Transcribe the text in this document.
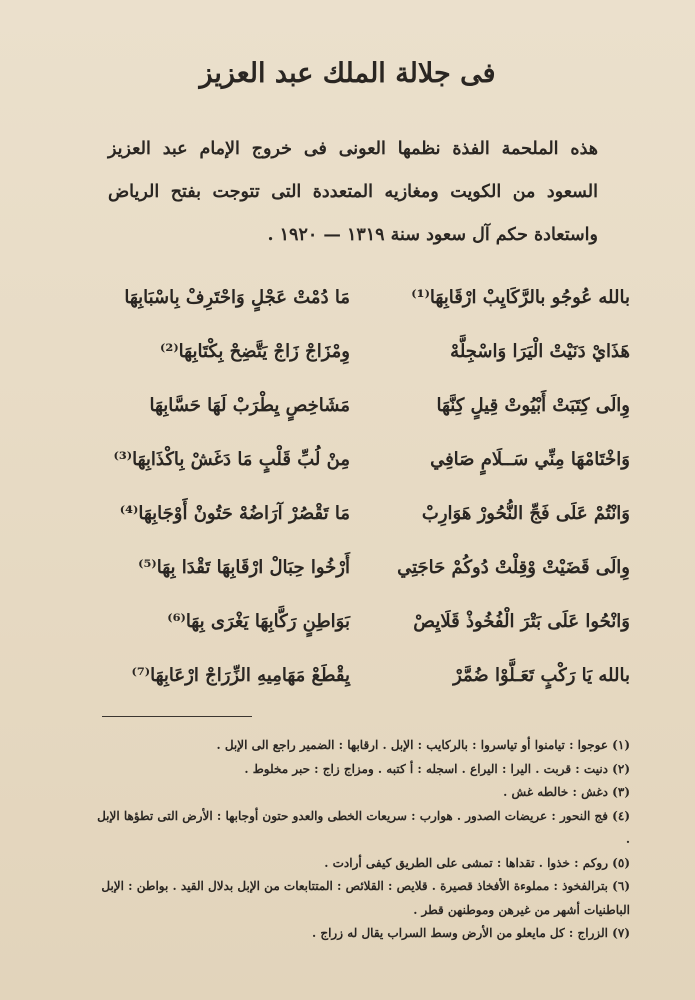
فى جلالة الملك عبد العزيز
هذه الملحمة الفذة نظمها العونى فى خروج الإمام عبد العزيز السعود من الكويت ومغازيه المتعددة التى تتوجت بفتح الرياض واستعادة حكم آل سعود سنة ١٣١٩ — ١٩٢٠ .
بالله عُوجُو بالرَّكَايِبْ ارْقَابِهَا⁽¹⁾
مَا دُمْتْ عَجْلٍ وَاحْتَرِفْ بِاسْبَابِهَا
هَذَايْ دَنَيْتْ الْيَرَا وَاسْجِلَّهْ
وِمْزَاجْ زَاجْ يَتَّضِحْ بِكْتَابِهَا⁽²⁾
وِالَى كِتَبَتْ أَبْيُوتْ قِيلٍ كِنَّهَا
مَشَاخِصٍ يِطْرَبْ لَهَا حَسَّابِهَا
وَاخْتَامْهَا مِنِّي سَــلَامٍ صَافِي
مِنْ لُبِّ قَلْبٍ مَا دَغَشْ بِاكْذَابِهَا⁽³⁾
وَانْتُمْ عَلَى فَجِّ النُّحُورْ هَوَارِبْ
مَا تَقْصُرْ آرَاضُهْ حَتُونْ أَوْجَابِهَا⁽⁴⁾
وِالَى قَضَيْتْ وْقِلْتْ دُوكُمْ حَاجَتِي
أَرْخُوا حِبَالْ ارْقَابِهَا تَقْدَا بِهَا⁽⁵⁾
وَانْحُوا عَلَى بَتْرَ الْفُخُوذْ قَلَايِصْ
بَوَاطِنٍ رَكَّابِهَا يَغْرَى بِهَا⁽⁶⁾
بالله يَا رَكْبٍ تَعَـلَّوْا ضُمَّرْ
يِقْطَعْ مَهَامِيهِ الزِّرَاجْ ارْعَابِهَا⁽⁷⁾

(١) عوجوا : تيامنوا أو تياسروا : بالركايب : الإبل . ارقابها : الضمير راجع الى الإبل .

(٢) دنيت : قربت . اليرا : اليراع . اسجله : أ كتبه . ومزاج زاج : حبر مخلوط .

(٣) دغش : خالطه غش .

(٤) فج النحور : عريضات الصدور . هوارب : سريعات الخطى والعدو حتون أوجابها : الأرض التى تطؤها الإبل .

(٥) روكم : خذوا . تقداها : تمشى على الطريق كيفى أرادت .

(٦) بترالفخوذ : مملوءة الأفخاذ قصيرة . قلايص : القلائص : المتتابعات من الإبل بدلال القيد . بواطن : الإبل الباطنيات أشهر من غيرهن وموطنهن قطر .

(٧) الزراج : كل مايعلو من الأرض وسط السراب يقال له زراج .
